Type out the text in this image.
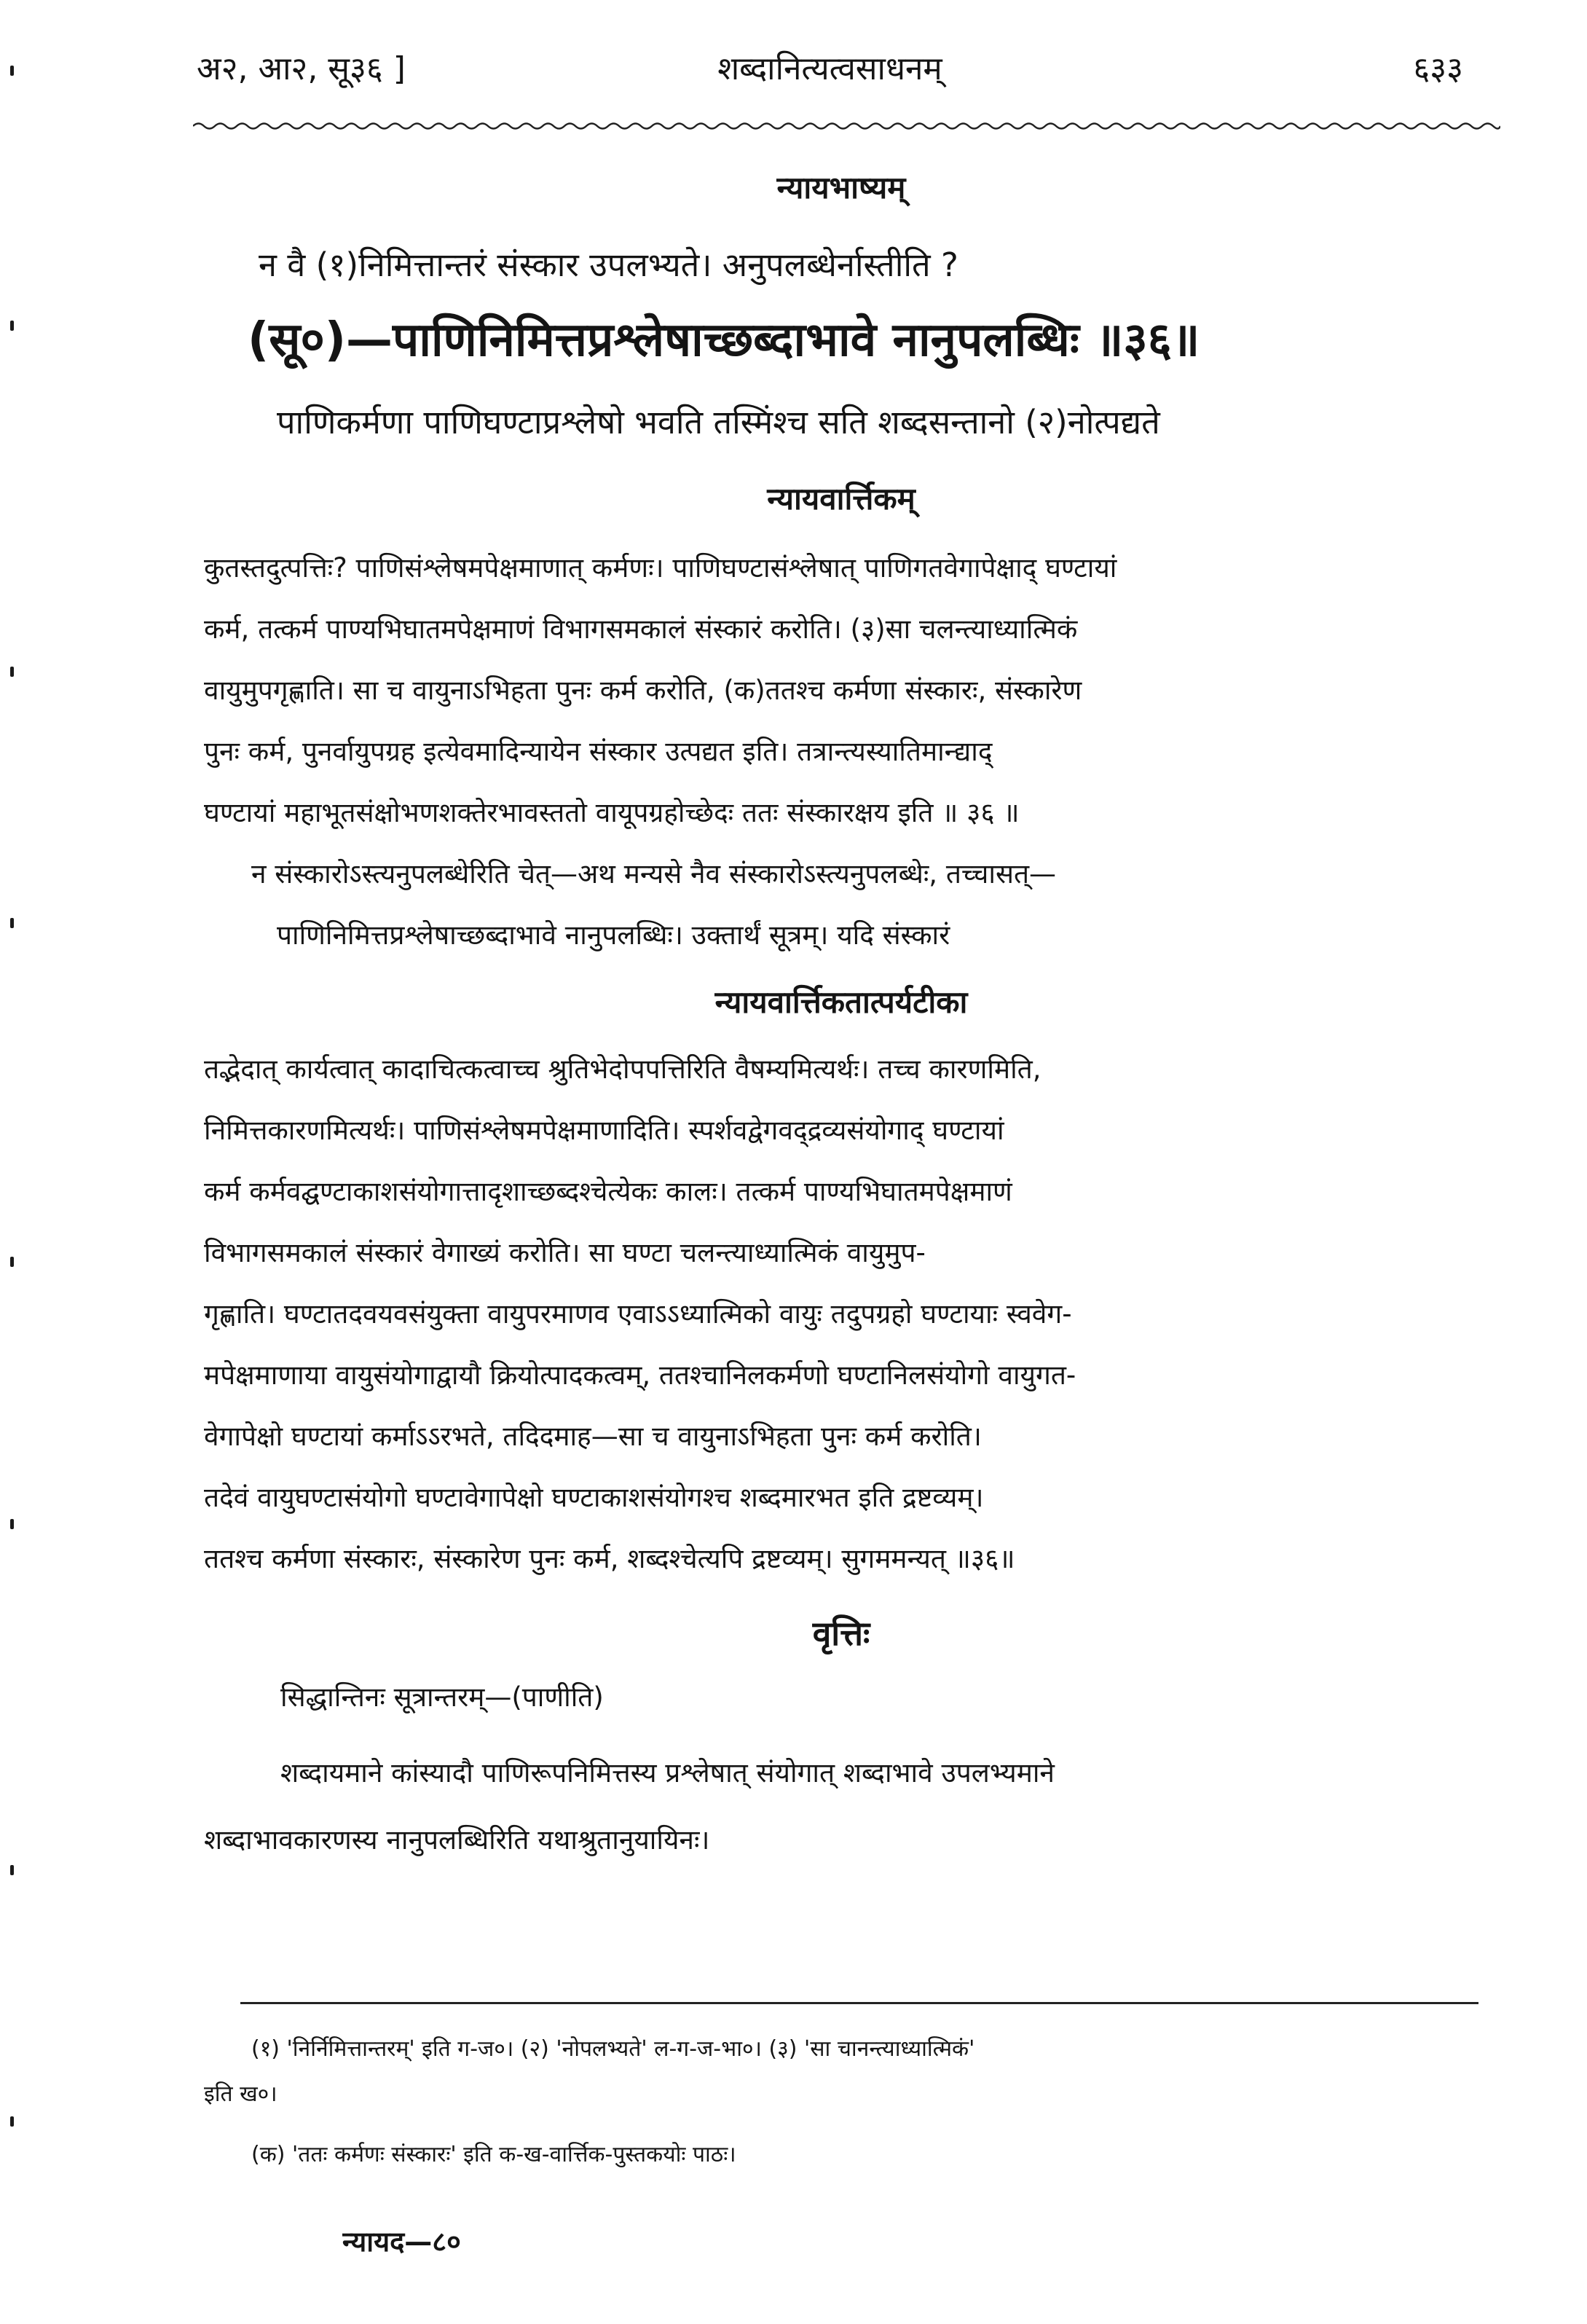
अ२, आ२, सू३६ ]	शब्दानित्यत्वसाधनम्	६३३
न्यायभाष्यम्
न वै (१)निमित्तान्तरं संस्कार उपलभ्यते। अनुपलब्धेर्नास्तीति ?
(सू०)—पाणिनिमित्तप्रश्लेषाच्छब्दाभावे नानुपलब्धिः ॥३६॥
पाणिकर्मणा पाणिघण्टाप्रश्लेषो भवति तस्मिंश्च सति शब्दसन्तानो (२)नोत्पद्यते
न्यायवार्त्तिकम्
कुतस्तदुत्पत्तिः? पाणिसंश्लेषमपेक्षमाणात् कर्मणः। पाणिघण्टासंश्लेषात् पाणिगतवेगापेक्षाद् घण्टायां
कर्म, तत्कर्म पाण्यभिघातमपेक्षमाणं विभागसमकालं संस्कारं करोति। (३)सा चलन्त्याध्यात्मिकं
वायुमुपगृह्णाति। सा च वायुनाऽभिहता पुनः कर्म करोति, (क)ततश्च कर्मणा संस्कारः, संस्कारेण
पुनः कर्म, पुनर्वायुपग्रह इत्येवमादिन्यायेन संस्कार उत्पद्यत इति। तत्रान्त्यस्यातिमान्द्याद्
घण्टायां महाभूतसंक्षोभणशक्तेरभावस्ततो वायूपग्रहोच्छेदः ततः संस्कारक्षय इति ॥ ३६ ॥
न संस्कारोऽस्त्यनुपलब्धेरिति चेत्—अथ मन्यसे नैव संस्कारोऽस्त्यनुपलब्धेः, तच्चासत्—
पाणिनिमित्तप्रश्लेषाच्छब्दाभावे नानुपलब्धिः। उक्तार्थं सूत्रम्। यदि संस्कारं
न्यायवार्त्तिकतात्पर्यटीका
तद्भेदात् कार्यत्वात् कादाचित्कत्वाच्च श्रुतिभेदोपपत्तिरिति वैषम्यमित्यर्थः। तच्च कारणमिति,
निमित्तकारणमित्यर्थः। पाणिसंश्लेषमपेक्षमाणादिति। स्पर्शवद्वेगवद्द्रव्यसंयोगाद् घण्टायां
कर्म कर्मवद्घण्टाकाशसंयोगात्तादृशाच्छब्दश्चेत्येकः कालः। तत्कर्म पाण्यभिघातमपेक्षमाणं
विभागसमकालं संस्कारं वेगाख्यं करोति। सा घण्टा चलन्त्याध्यात्मिकं वायुमुप-
गृह्णाति। घण्टातदवयवसंयुक्ता वायुपरमाणव एवाऽऽध्यात्मिको वायुः तदुपग्रहो घण्टायाः स्ववेग-
मपेक्षमाणाया वायुसंयोगाद्वायौ क्रियोत्पादकत्वम्, ततश्चानिलकर्मणो घण्टानिलसंयोगो वायुगत-
वेगापेक्षो घण्टायां कर्माऽऽरभते, तदिदमाह—सा च वायुनाऽभिहता पुनः कर्म करोति।
तदेवं वायुघण्टासंयोगो घण्टावेगापेक्षो घण्टाकाशसंयोगश्च शब्दमारभत इति द्रष्टव्यम्।
ततश्च कर्मणा संस्कारः, संस्कारेण पुनः कर्म, शब्दश्चेत्यपि द्रष्टव्यम्। सुगममन्यत् ॥३६॥
वृत्तिः
सिद्धान्तिनः सूत्रान्तरम्—(पाणीति)
शब्दायमाने कांस्यादौ पाणिरूपनिमित्तस्य प्रश्लेषात् संयोगात् शब्दाभावे उपलभ्यमाने
शब्दाभावकारणस्य नानुपलब्धिरिति यथाश्रुतानुयायिनः।
(१) 'निर्निमित्तान्तरम्' इति ग-ज०। (२) 'नोपलभ्यते' ल-ग-ज-भा०। (३) 'सा चानन्त्याध्यात्मिकं'
इति ख०।
(क) 'ततः कर्मणः संस्कारः' इति क-ख-वार्त्तिक-पुस्तकयोः पाठः।
न्यायद—८०
